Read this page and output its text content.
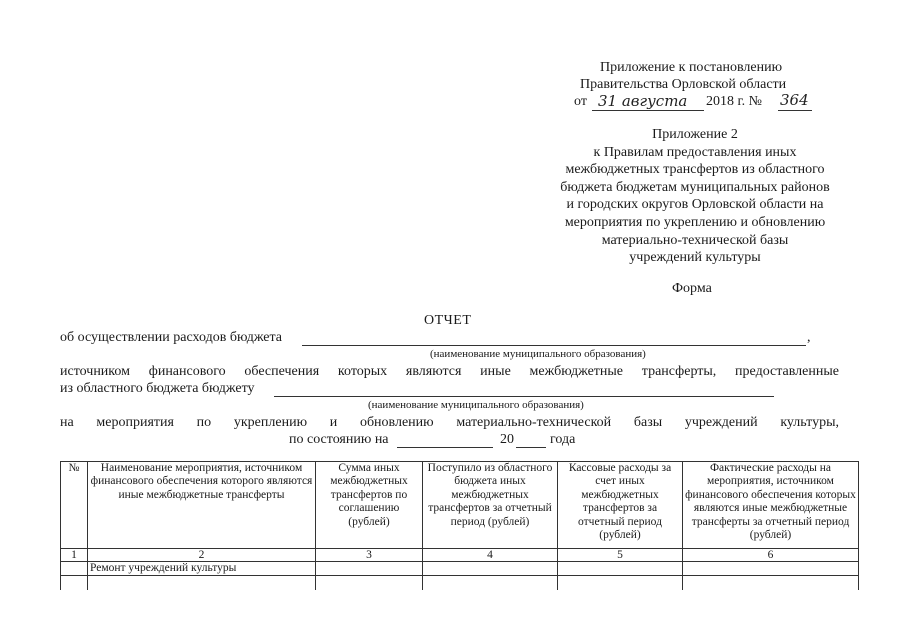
Приложение к постановлению
Правительства Орловской области
от 31 августа 2018 г. № 364
Приложение 2
к Правилам предоставления иных
межбюджетных трансфертов из областного
бюджета бюджетам муниципальных районов
и городских округов Орловской области на
мероприятия по укреплению и обновлению
материально-технической базы
учреждений культуры
Форма
ОТЧЕТ
об осуществлении расходов бюджета	,
(наименование муниципального образования)
источником финансового обеспечения которых являются иные межбюджетные трансферты, предоставленные
из областного бюджета бюджету
(наименование муниципального образования)
на мероприятия по укреплению и обновлению материально-технической базы учреждений культуры,
по состоянию на	20	года
№	Наименование мероприятия, источником финансового обеспечения которого являются иные межбюджетные трансферты	Сумма иных межбюджетных трансфертов по соглашению (рублей)	Поступило из областного бюджета иных межбюджетных трансфертов за отчетный период (рублей)	Кассовые расходы за счет иных межбюджетных трансфертов за отчетный период (рублей)	Фактические расходы на мероприятия, источником финансового обеспечения которых являются иные межбюджетные трансферты за отчетный период (рублей)
1	2	3	4	5	6
	Ремонт учреждений культуры				
